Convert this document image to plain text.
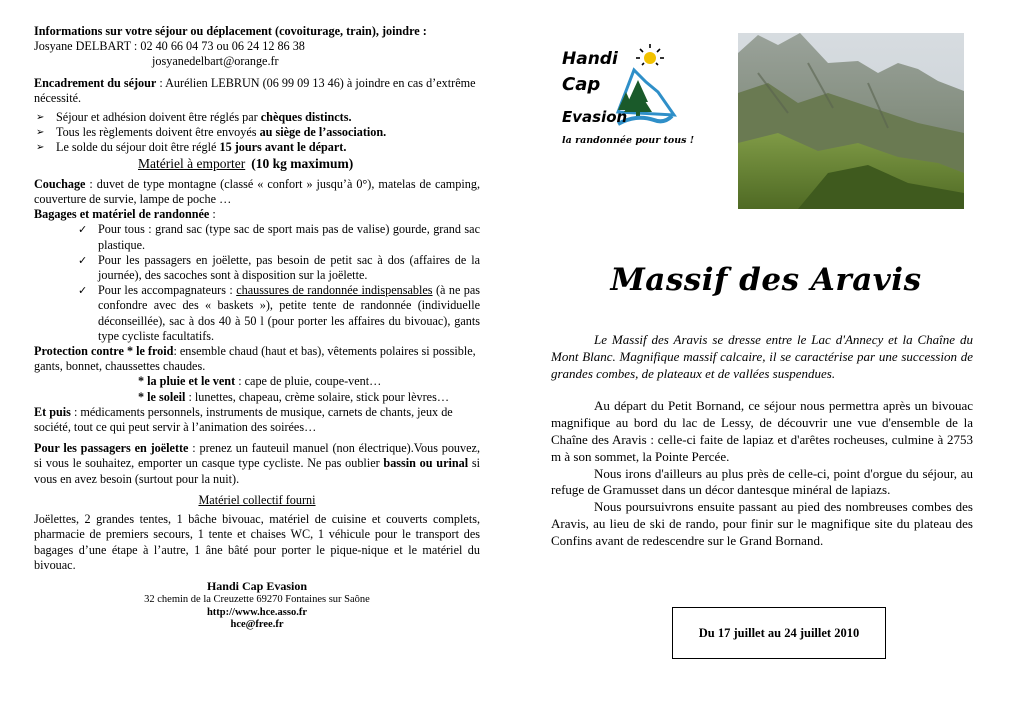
Informations sur votre séjour ou déplacement (covoiturage, train), joindre :

Josyane DELBART : 02 40 66 04 73 ou 06 24 12 86 38

josyanedelbart@orange.fr

Encadrement du séjour : Aurélien LEBRUN (06 99 09 13 46) à joindre en cas d’extrême nécessité.

➢ Séjour et adhésion doivent être réglés par chèques distincts.
➢ Tous les règlements doivent être envoyés au siège de l’association.
➢ Le solde du séjour doit être réglé 15 jours avant le départ.

Matériel à emporter (10 kg maximum)

Couchage : duvet de type montagne (classé « confort » jusqu’à 0°), matelas de camping, couverture de survie, lampe de poche …

Bagages et matériel de randonnée :

✓ Pour tous : grand sac (type sac de sport mais pas de valise) gourde, grand sac plastique.
✓ Pour les passagers en joëlette, pas besoin de petit sac à dos (affaires de la journée), des sacoches sont à disposition sur la joëlette.
✓ Pour les accompagnateurs : chaussures de randonnée indispensables (à ne pas confondre avec des « baskets »), petite tente de randonnée (individuelle déconseillée), sac à dos 40 à 50 l (pour porter les affaires du bivouac), gants type cycliste facultatifs.

Protection contre * le froid: ensemble chaud (haut et bas), vêtements polaires si possible, gants, bonnet, chaussettes chaudes.

* la pluie et le vent : cape de pluie, coupe-vent…

* le soleil : lunettes, chapeau, crème solaire, stick pour lèvres…

Et puis : médicaments personnels, instruments de musique, carnets de chants, jeux de société, tout ce qui peut servir à l’animation des soirées…

Pour les passagers en joëlette : prenez un fauteuil manuel (non électrique).Vous pouvez, si vous le souhaitez, emporter un casque type cycliste. Ne pas oublier bassin ou urinal si vous en avez besoin (surtout pour la nuit).

Matériel collectif fourni

Joëlettes, 2 grandes tentes, 1 bâche bivouac, matériel de cuisine et couverts complets, pharmacie de premiers secours, 1 tente et chaises WC, 1 véhicule pour le transport des bagages d’une étape à l’autre, 1 âne bâté pour porter le pique-nique et le matériel du bivouac.

Handi Cap Evasion

32 chemin de la Creuzette 69270 Fontaines sur Saône

http://www.hce.asso.fr

hce@free.fr

Handi
Cap
Evasion
la randonnée pour tous !
Massif des Aravis

Le Massif des Aravis se dresse entre le Lac d'Annecy et la Chaîne du Mont Blanc. Magnifique massif calcaire, il se caractérise par une succession de grandes combes, de plateaux et de vallées suspendues.

Au départ du Petit Bornand, ce séjour nous permettra après un bivouac magnifique au bord du lac de Lessy, de découvrir une vue d'ensemble de la Chaîne des Aravis : celle-ci faite de lapiaz et d'arêtes rocheuses, culmine à 2753 m à son sommet, la Pointe Percée.

Nous irons d'ailleurs au plus près de celle-ci, point d'orgue du séjour, au refuge de Gramusset dans un décor dantesque minéral de lapiazs.

Nous poursuivrons ensuite passant au pied des nombreuses combes des Aravis, au lieu de ski de rando, pour finir sur le magnifique site du plateau des Confins avant de redescendre sur le Grand Bornand.

Du 17 juillet au 24 juillet 2010
